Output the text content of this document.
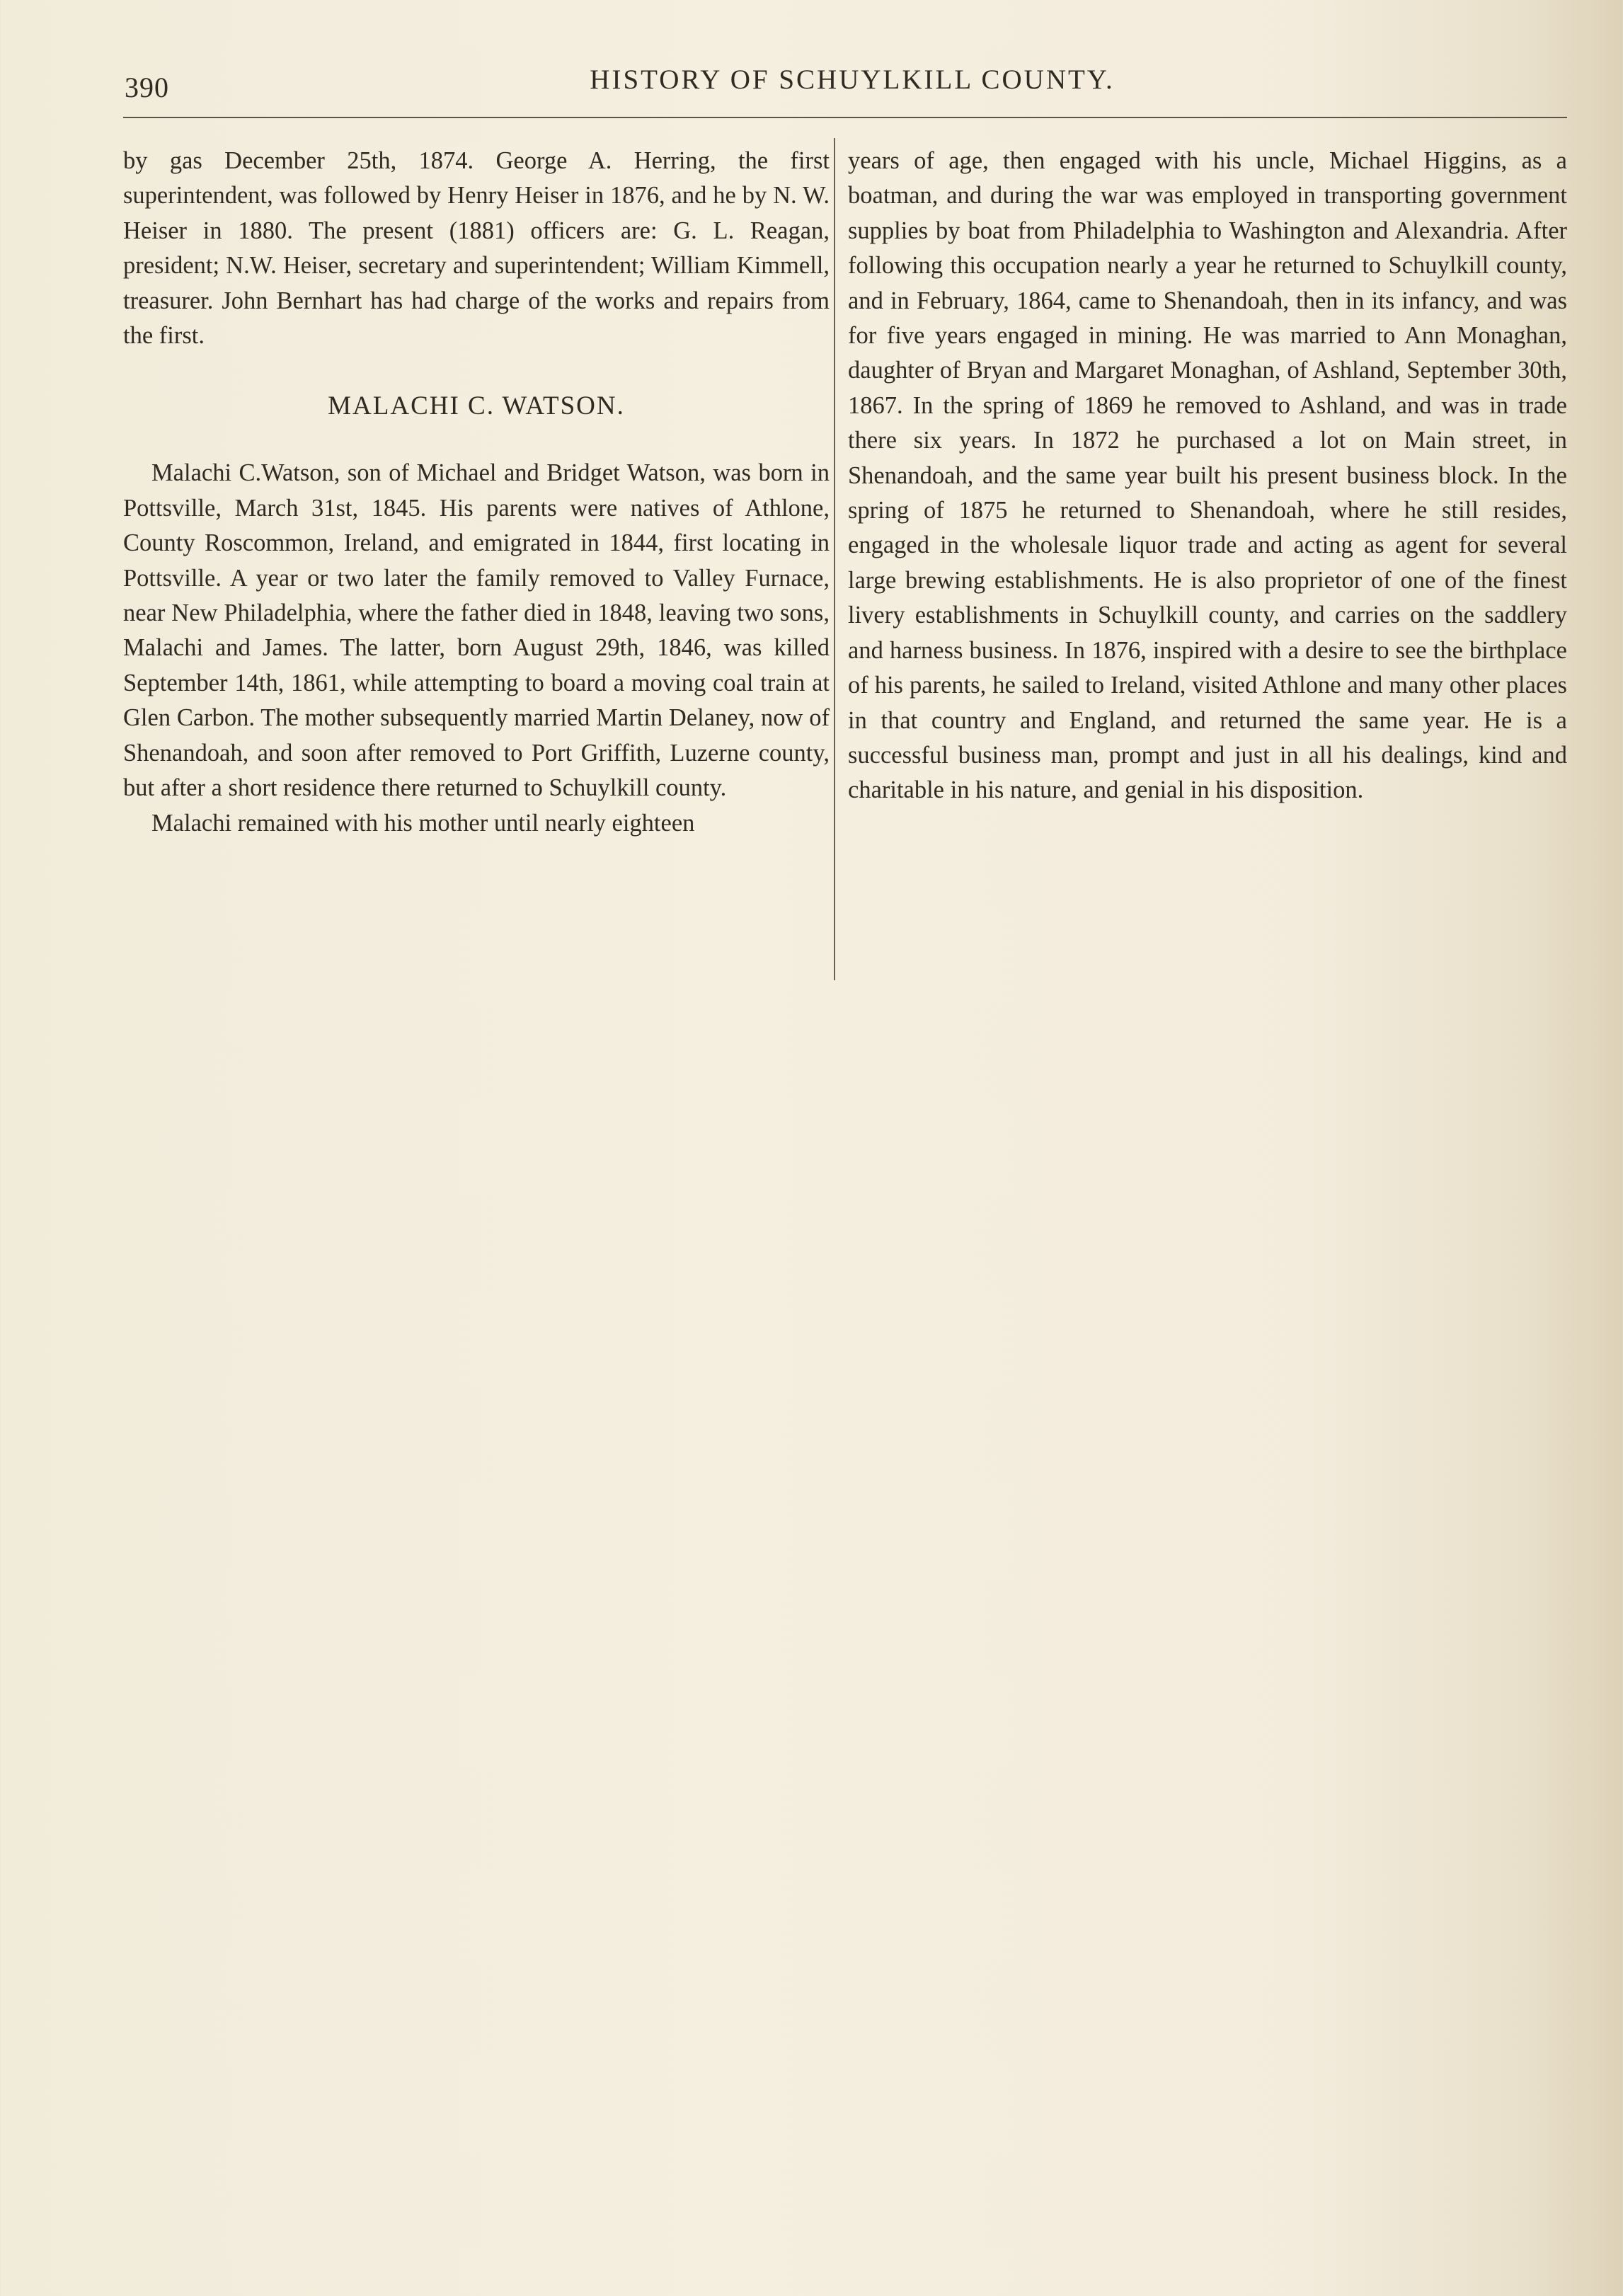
390	HISTORY OF SCHUYLKILL COUNTY.

by gas December 25th, 1874. George A. Herring, the first superintendent, was followed by Henry Heiser in 1876, and he by N. W. Heiser in 1880. The present (1881) officers are: G. L. Reagan, president; N.W. Heiser, secretary and superintendent; William Kimmell, treasurer. John Bernhart has had charge of the works and repairs from the first.

MALACHI C. WATSON.

Malachi C.Watson, son of Michael and Bridget Watson, was born in Pottsville, March 31st, 1845. His parents were natives of Athlone, County Roscommon, Ireland, and emigrated in 1844, first locating in Pottsville. A year or two later the family removed to Valley Furnace, near New Philadelphia, where the father died in 1848, leaving two sons, Malachi and James. The latter, born August 29th, 1846, was killed September 14th, 1861, while attempting to board a moving coal train at Glen Carbon. The mother subsequently married Martin Delaney, now of Shenandoah, and soon after removed to Port Griffith, Luzerne county, but after a short residence there returned to Schuylkill county.

Malachi remained with his mother until nearly eighteen

years of age, then engaged with his uncle, Michael Higgins, as a boatman, and during the war was employed in transporting government supplies by boat from Philadelphia to Washington and Alexandria. After following this occupation nearly a year he returned to Schuylkill county, and in February, 1864, came to Shenandoah, then in its infancy, and was for five years engaged in mining. He was married to Ann Monaghan, daughter of Bryan and Margaret Monaghan, of Ashland, September 30th, 1867. In the spring of 1869 he removed to Ashland, and was in trade there six years. In 1872 he purchased a lot on Main street, in Shenandoah, and the same year built his present business block. In the spring of 1875 he returned to Shenandoah, where he still resides, engaged in the wholesale liquor trade and acting as agent for several large brewing establishments. He is also proprietor of one of the finest livery establishments in Schuylkill county, and carries on the saddlery and harness business. In 1876, inspired with a desire to see the birthplace of his parents, he sailed to Ireland, visited Athlone and many other places in that country and England, and returned the same year. He is a successful business man, prompt and just in all his dealings, kind and charitable in his nature, and genial in his disposition.
